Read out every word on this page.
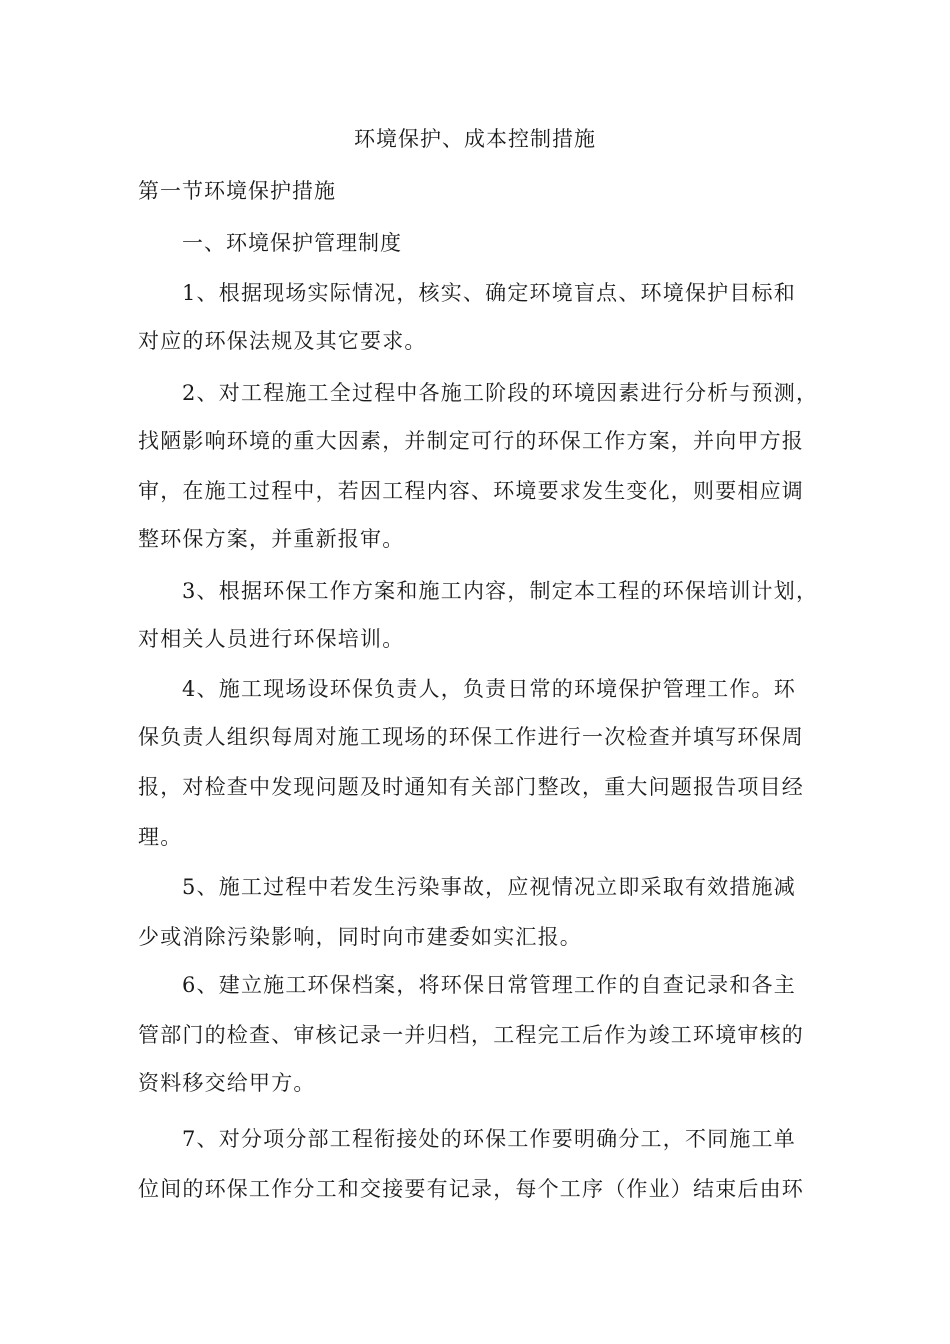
环境保护、成本控制措施
第一节环境保护措施
一、环境保护管理制度
1、根据现场实际情况，核实、确定环境盲点、环境保护目标和
对应的环保法规及其它要求。
2、对工程施工全过程中各施工阶段的环境因素进行分析与预测，
找陋影响环境的重大因素，并制定可行的环保工作方案，并向甲方报
审，在施工过程中，若因工程内容、环境要求发生变化，则要相应调
整环保方案，并重新报审。
3、根据环保工作方案和施工内容，制定本工程的环保培训计划，
对相关人员进行环保培训。
4、施工现场设环保负责人，负责日常的环境保护管理工作。环
保负责人组织每周对施工现场的环保工作进行一次检查并填写环保周
报，对检查中发现问题及时通知有关部门整改，重大问题报告项目经
理。
5、施工过程中若发生污染事故，应视情况立即采取有效措施减
少或消除污染影响，同时向市建委如实汇报。
6、建立施工环保档案，将环保日常管理工作的自查记录和各主
管部门的检查、审核记录一并归档，工程完工后作为竣工环境审核的
资料移交给甲方。
7、对分项分部工程衔接处的环保工作要明确分工，不同施工单
位间的环保工作分工和交接要有记录，每个工序（作业）结束后由环
